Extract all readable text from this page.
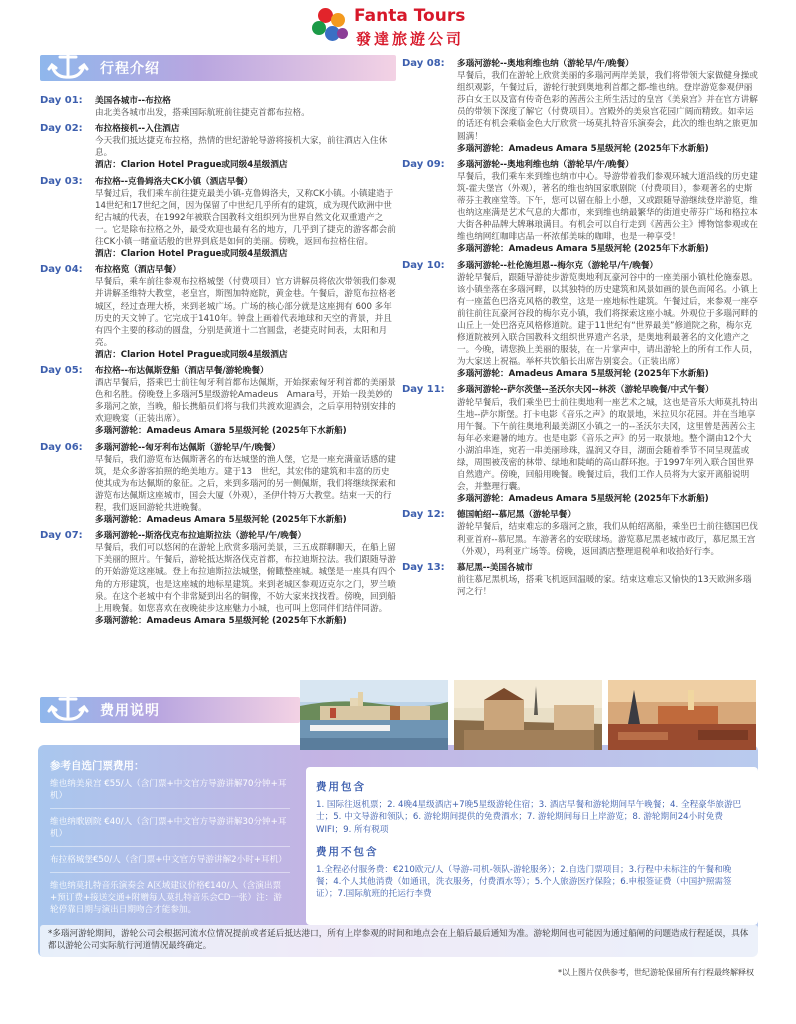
Fanta Tours
發達旅遊公司
行程介绍
Day 01:	美国各城市--布拉格
由北美各城市出发，搭乘国际航班前往捷克首都布拉格。
Day 02:	布拉格接机--入住酒店
今天我们抵达捷克布拉格，热情的世纪游轮导游将接机大家，前往酒店入住休息。
酒店：Clarion Hotel Prague或同级4星级酒店
Day 03:	布拉格--克鲁姆洛夫CK小镇（酒店早餐）
早餐过后，我们乘车前往捷克最美小镇-克鲁姆洛夫，又称CK小镇。小镇建造于14世纪和17世纪之间，因为保留了中世纪几乎所有的建筑，成为现代欧洲中世纪古城的代表，在1992年被联合国教科文组织列为世界自然文化双重遗产之一。它是除布拉格之外，最受欢迎也最有名的地方，几乎到了捷克的游客都会前往CK小镇一睹童话般的世界到底是如何的美丽。傍晚，返回布拉格住宿。
酒店：Clarion Hotel Prague或同级4星级酒店
Day 04:	布拉格览（酒店早餐）
早餐后，乘车前往参观布拉格城堡（付费项目）官方讲解员将依次带领我们参观并讲解圣维特大教堂，老皇宫，斯图加特庭院，黄金巷。午餐后，游览布拉格老城区，经过查理大桥，来到老城广场。广场的核心部分就是这座拥有 600 多年历史的天文钟了。它完成于1410年。钟盘上画着代表地球和天空的背景，并且有四个主要的移动的圆盘，分别是黄道十二宫圆盘，老捷克时间表，太阳和月亮。
酒店：Clarion Hotel Prague或同级4星级酒店
Day 05:	布拉格--布达佩斯登船（酒店早餐/游轮晚餐）
酒店早餐后，搭乘巴士前往匈牙利首都布达佩斯，开始探索匈牙利首都的美丽景色和名胜。傍晚登上多瑙河5星级游轮Amadeus　Amara号，开始一段美妙的多瑙河之旅，当晚，船长携船员们将与我们共渡欢迎酒会，之后享用特别安排的欢迎晚宴（正装出席）。
多瑙河游轮：Amadeus Amara 5星级河轮 (2025年下水新船)
Day 06:	多瑙河游轮--匈牙利布达佩斯（游轮早/午/晚餐）
早餐后，我们游览布达佩斯著名的布达城堡的渔人堡，它是一座充满童话感的建筑，是众多游客拍照的绝美地方。建于13　世纪，其宏伟的建筑和丰富的历史使其成为布达佩斯的象征。之后，来到多瑙河的另一侧佩斯，我们将继续探索和游览布达佩斯这座城市，国会大厦（外观），圣伊什特万大教堂。结束一天的行程，我们返回游轮共进晚餐。
多瑙河游轮：Amadeus Amara 5星级河轮 (2025年下水新船)
Day 07:	多瑙河游轮--斯洛伐克布拉迪斯拉法（游轮早/午/晚餐）
早餐后，我们可以悠闲的在游轮上欣赏多瑙河美景，三五成群聊聊天，在船上留下美丽的照片。午餐后，游轮抵达斯洛伐克首都，布拉迪斯拉法。我们跟随导游的开始游览这座城。登上布拉迪斯拉法城堡，俯瞰整座城。城堡是一座具有四个角的方形建筑，也是这座城的地标星建筑。来到老城区参观迈克尔之门，罗兰喷泉。在这个老城中有个非常疑到出名的铜像，不妨大家来找找看。傍晚，回到船上用晚餐。如您喜欢在夜晚徒步这座魅力小城，也可叫上您同伴们结伴同游。
多瑙河游轮：Amadeus Amara 5星级河轮 (2025年下水新船)
Day 08:	多瑙河游轮--奥地利维也纳（游轮早/午/晚餐）
早餐后，我们在游轮上欣赏美丽的多瑙河两岸美景，我们将带领大家做健身操或组织观影，午餐过后，游轮行驶到奥地利首都之都-维也纳。登岸游览参观伊丽莎白女王以及富有传奇色彩的茜茜公主所生活过的皇宫《美泉宫》并在官方讲解员的带领下深度了解它（付费项目）。宫殿外的美泉宫花园广阔而精致。如幸运的话还有机会乘临金色大厅欣赏一场莫扎特音乐演奏会，此次的维也纳之旅更加圆满！
多瑙河游轮：Amadeus Amara 5星级河轮 (2025年下水新船)
Day 09:	多瑙河游轮--奥地利维也纳（游轮早/午/晚餐）
早餐后，我们乘车来到维也纳市中心。导游带着我们参观环城大道沿线的历史建筑-霍夫堡宫（外观），著名的维也纳国家歌剧院（付费项目），参观著名的史斯蒂芬主教座堂等。下午，您可以留在船上小憩，又或跟随导游继续登岸游览，维也纳这座满是艺术气息的大都市，来到维也纳最繁华的街道史蒂芬广场和格拉本大街各种品牌大牌琳琅满目。有机会可以自行走到《茜茜公主》博物馆参观或在维也纳网红咖啡店品一杯浓郁美味的咖啡，也是一种享受！
多瑙河游轮：Amadeus Amara 5星级河轮 (2025年下水新船)
Day 10:	多瑙河游轮--杜伦施坦恩--梅尔克（游轮早/午/晚餐）
游轮早餐后，跟随导游徒步游览奥地利瓦豪河谷中的一座美丽小镇杜伦施泰恩。该小镇坐落在多瑙河畔，以其独特的历史建筑和风景如画的景色而闻名。小镇上有一座蓝色巴洛克风格的教堂，这是一座地标性建筑。午餐过后，来参观一座亭前往前往瓦豪河谷段的梅尔克小镇，我们将探索这座小城。外观位于多瑙河畔的山丘上一处巴洛克风格修道院。建于11世纪有“世界最美”修道院之称，梅尔克修道院被列入联合国教科文组织世界遗产名录，是奥地利最著名的文化遗产之一。今晚，请您换上美丽的服装，在一片掌声中，请出游轮上的所有工作人员，为大家送上祝福。举杯共饮船长出席告别宴会。（正装出席）
多瑙河游轮：Amadeus Amara 5星级河轮 (2025年下水新船)
Day 11:	多瑙河游轮--萨尔茨堡--圣沃尔夫冈--林茨（游轮早晚餐/中式午餐）
游轮早餐后，我们乘坐巴士前往奥地利一座艺术之城，这也是音乐大师莫扎特出生地--萨尔斯堡。打卡电影《音乐之声》的取景地，米拉贝尔花园。并在当地享用午餐。下午前往奥地利最美湖区小镇之一的--圣沃尔夫冈，这里曾是茜茜公主每年必来避暑的地方。也是电影《音乐之声》的另一取景地。整个湖由12个大小湖泊串连，宛若一串美丽珍珠，温润又夺目，湖面会随着季节不同呈现蓝或绿，周围被茂密的林带、绿地和陡峭的高山群环抱。于1997年列入联合国世界自然遗产。傍晚，回船用晚餐。晚餐过后，我们工作人员将为大家开离船说明会，并整理行囊。
多瑙河游轮：Amadeus Amara 5星级河轮 (2025年下水新船)
Day 12:	德国帕绍--慕尼黑（游轮早餐）
游轮早餐后，结束难忘的多瑙河之旅，我们从帕绍离船，乘坐巴士前往德国巴伐利亚首府--慕尼黑。车游著名的安联球场。游览慕尼黑老城市政厅，慕尼黑王宫（外观），玛利亚广场等。傍晚，返回酒店整理退税单和收拾好行李。
Day 13:	慕尼黑--美国各城市
前往慕尼黑机场，搭乘飞机返回温暖的家。结束这难忘又愉快的13天欧洲多瑙河之行！
费用说明
参考自选门票费用：
维也纳美泉宫 €55/人（含门票+中文官方导游讲解70分钟+耳机）
维也纳歌剧院 €40/人（含门票+中文官方导游讲解30分钟+耳机）
布拉格城堡€50/人（含门票+中文官方导游讲解2小时+耳机）
维也纳莫扎特音乐演奏会 A区域建议价格€140/人（含演出票+预订费+接送交通+附赠每人莫扎特音乐会CD一张）注：游轮停靠日期与演出日期吻合才能参加。
费用包含
1. 国际往返机票；2. 4晚4星级酒店+7晚5星级游轮住宿；3. 酒店早餐和游轮期间早午晚餐；4. 全程豪华旅游巴士；5. 中文导游和领队；6. 游轮期间提供的免费酒水；7. 游轮期间每日上岸游览；8. 游轮期间24小时免费WIFI；9. 所有税项
费用不包含
1.全程必付服务费：€210欧元/人（导游-司机-领队-游轮服务）；2.自选门票项目；3.行程中未标注的午餐和晚餐；4.个人其他消费（如通讯，洗衣服务，付费酒水等）；5.个人旅游医疗保险；6.申根签证费（中国护照需签证）；7.国际航班的托运行李费
*多瑙河游轮期间，游轮公司会根据河流水位情况提前或者延后抵达港口，所有上岸参观的时间和地点会在上船后最后通知为准。游轮期间也可能因为通过船闸的问题造成行程延误，具体都以游轮公司实际航行河道情况最终确定。
*以上图片仅供参考，世纪游轮保留所有行程最终解释权
